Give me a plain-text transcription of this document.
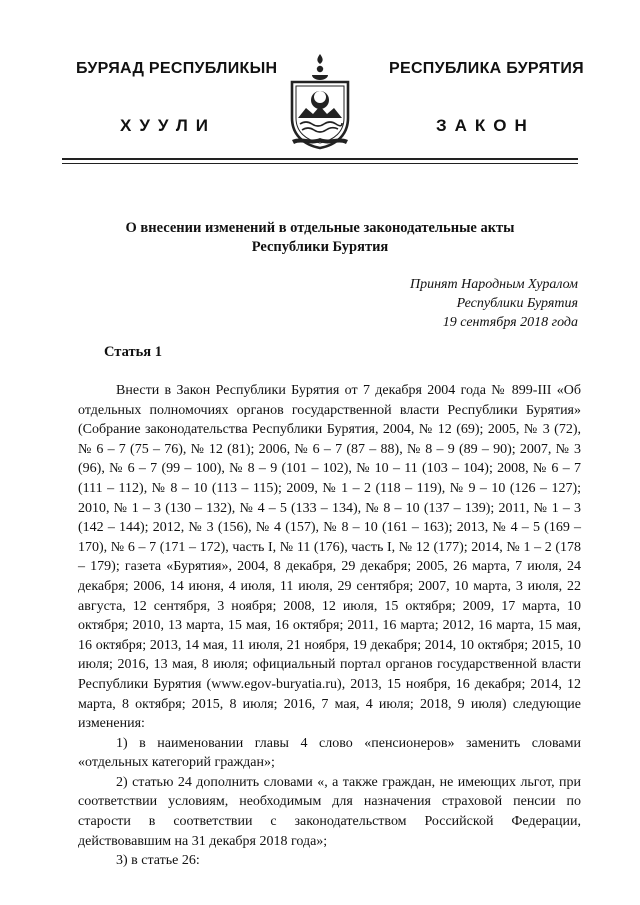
БУРЯАД РЕСПУБЛИКЫН	РЕСПУБЛИКА БУРЯТИЯ
ХУУЛИ	ЗАКОН
О внесении изменений в отдельные законодательные акты
Республики Бурятия
Принят Народным Хуралом
Республики Бурятия
19 сентября 2018 года
Статья 1

Внести в Закон Республики Бурятия от 7 декабря 2004 года № 899-III «Об отдельных полномочиях органов государственной власти Республики Бурятия» (Собрание законодательства Республики Бурятия, 2004, № 12 (69); 2005, № 3 (72), № 6 – 7 (75 – 76), № 12 (81); 2006, № 6 – 7 (87 – 88), № 8 – 9 (89 – 90); 2007, № 3 (96), № 6 – 7 (99 – 100), № 8 – 9 (101 – 102), № 10 – 11 (103 – 104); 2008, № 6 – 7 (111 – 112), № 8 – 10 (113 – 115); 2009, № 1 – 2 (118 – 119), № 9 – 10 (126 – 127); 2010, № 1 – 3 (130 – 132), № 4 – 5 (133 – 134), № 8 – 10 (137 – 139); 2011, № 1 – 3 (142 – 144); 2012, № 3 (156), № 4 (157), № 8 – 10 (161 – 163); 2013, № 4 – 5 (169 – 170), № 6 – 7 (171 – 172), часть I, № 11 (176), часть I, № 12 (177); 2014, № 1 – 2 (178 – 179); газета «Бурятия», 2004, 8 декабря, 29 декабря; 2005, 26 марта, 7 июля, 24 декабря; 2006, 14 июня, 4 июля, 11 июля, 29 сентября; 2007, 10 марта, 3 июля, 22 августа, 12 сентября, 3 ноября; 2008, 12 июля, 15 октября; 2009, 17 марта, 10 октября; 2010, 13 марта, 15 мая, 16 октября; 2011, 16 марта; 2012, 16 марта, 15 мая, 16 октября; 2013, 14 мая, 11 июля, 21 ноября, 19 декабря; 2014, 10 октября; 2015, 10 июля; 2016, 13 мая, 8 июля; официальный портал органов государственной власти Республики Бурятия (www.egov-buryatia.ru), 2013, 15 ноября, 16 декабря; 2014, 12 марта, 8 октября; 2015, 8 июля; 2016, 7 мая, 4 июля; 2018, 9 июля) следующие изменения:

1) в наименовании главы 4 слово «пенсионеров» заменить словами «отдельных категорий граждан»;

2) статью 24 дополнить словами «, а также граждан, не имеющих льгот, при соответствии условиям, необходимым для назначения страховой пенсии по старости в соответствии с законодательством Российской Федерации, действовавшим на 31 декабря 2018 года»;

3) в статье 26:
